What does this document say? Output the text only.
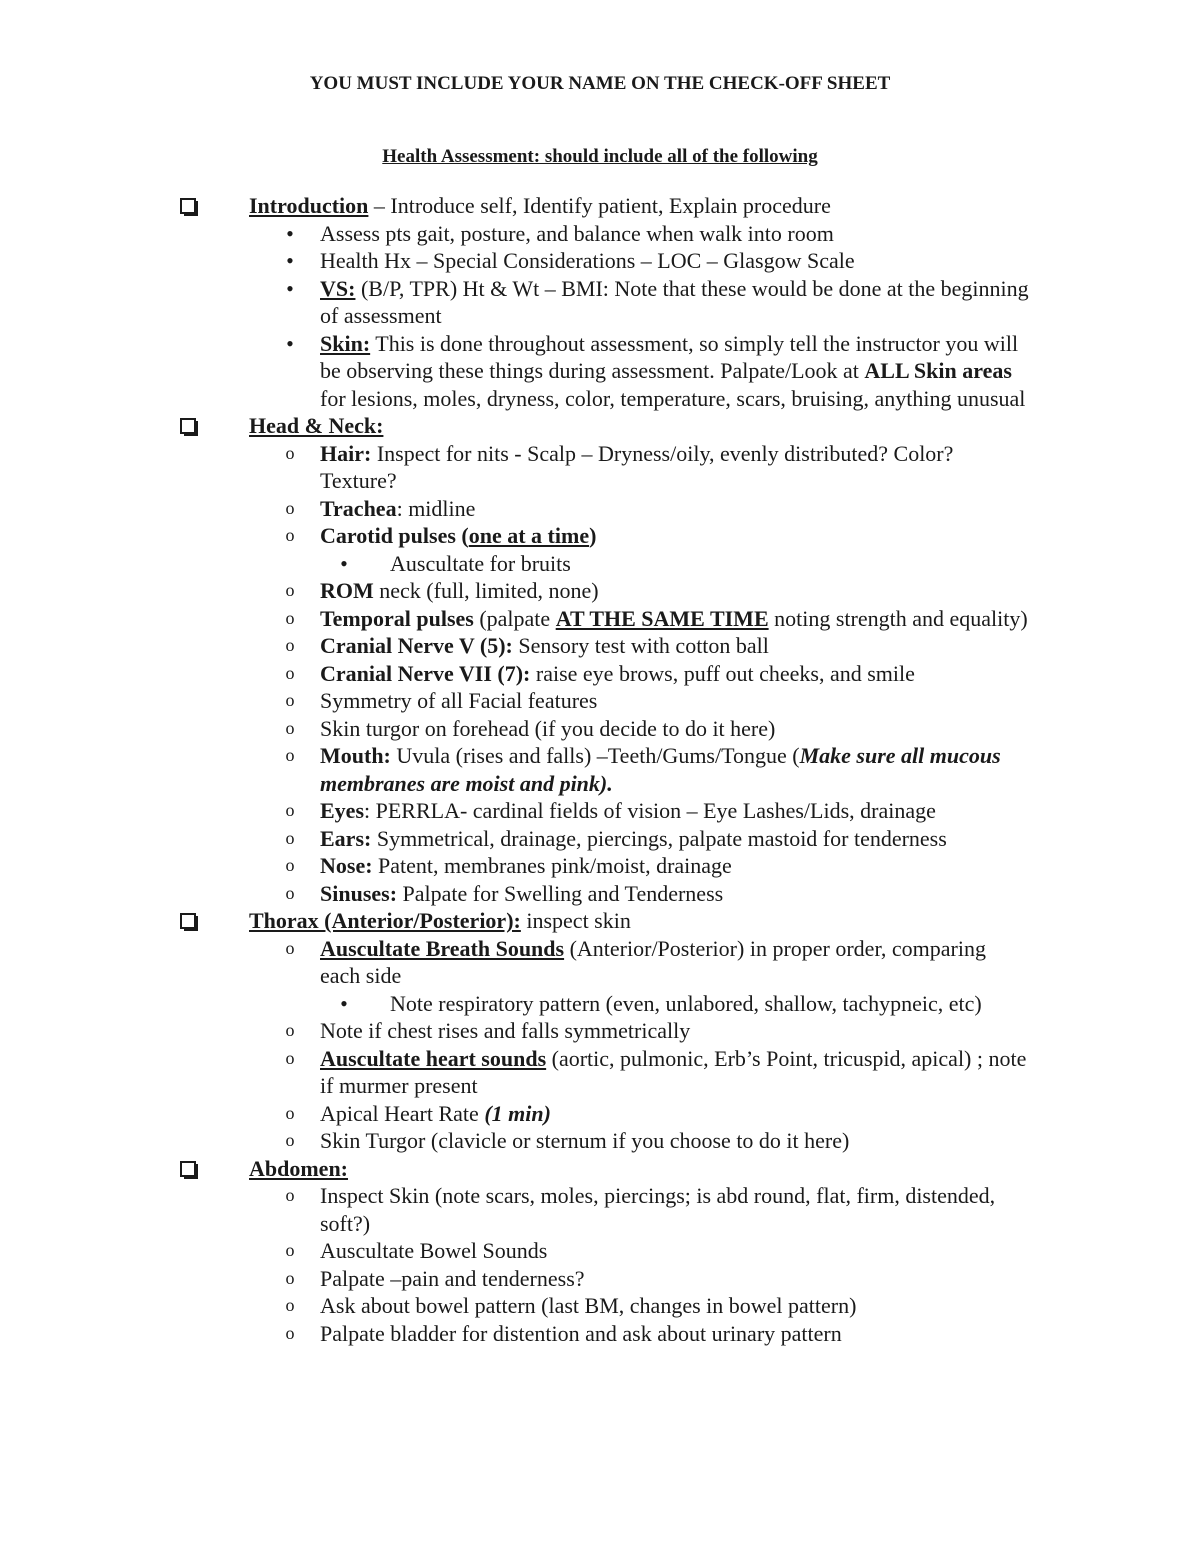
YOU MUST INCLUDE YOUR NAME ON THE CHECK-OFF SHEET
Health Assessment: should include all of the following
Introduction – Introduce self, Identify patient, Explain procedure
• Assess pts gait, posture, and balance when walk into room
• Health Hx – Special Considerations – LOC – Glasgow Scale
• VS: (B/P, TPR) Ht & Wt – BMI: Note that these would be done at the beginning of assessment
• Skin: This is done throughout assessment, so simply tell the instructor you will be observing these things during assessment. Palpate/Look at ALL Skin areas for lesions, moles, dryness, color, temperature, scars, bruising, anything unusual
Head & Neck:
o Hair: Inspect for nits - Scalp – Dryness/oily, evenly distributed? Color? Texture?
o Trachea: midline
o Carotid pulses (one at a time)
• Auscultate for bruits
o ROM neck (full, limited, none)
o Temporal pulses (palpate AT THE SAME TIME noting strength and equality)
o Cranial Nerve V (5): Sensory test with cotton ball
o Cranial Nerve VII (7): raise eye brows, puff out cheeks, and smile
o Symmetry of all Facial features
o Skin turgor on forehead (if you decide to do it here)
o Mouth: Uvula (rises and falls) –Teeth/Gums/Tongue (Make sure all mucous membranes are moist and pink).
o Eyes: PERRLA- cardinal fields of vision – Eye Lashes/Lids, drainage
o Ears: Symmetrical, drainage, piercings, palpate mastoid for tenderness
o Nose: Patent, membranes pink/moist, drainage
o Sinuses: Palpate for Swelling and Tenderness
Thorax (Anterior/Posterior): inspect skin
o Auscultate Breath Sounds (Anterior/Posterior) in proper order, comparing each side
• Note respiratory pattern (even, unlabored, shallow, tachypneic, etc)
o Note if chest rises and falls symmetrically
o Auscultate heart sounds (aortic, pulmonic, Erb’s Point, tricuspid, apical) ; note if murmer present
o Apical Heart Rate (1 min)
o Skin Turgor (clavicle or sternum if you choose to do it here)
Abdomen:
o Inspect Skin (note scars, moles, piercings; is abd round, flat, firm, distended, soft?)
o Auscultate Bowel Sounds
o Palpate –pain and tenderness?
o Ask about bowel pattern (last BM, changes in bowel pattern)
o Palpate bladder for distention and ask about urinary pattern
